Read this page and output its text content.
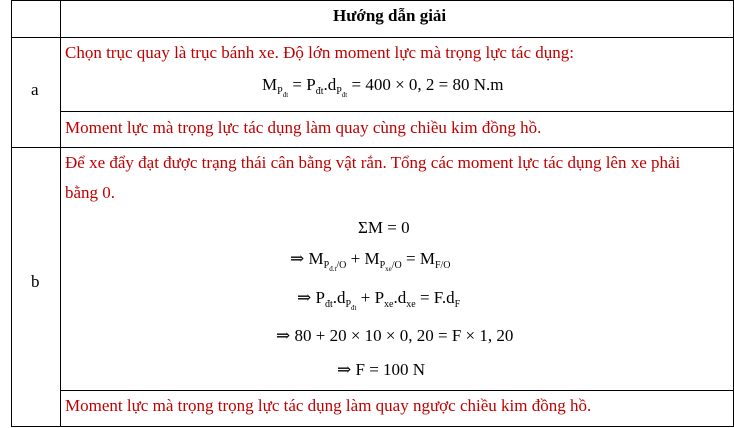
Hướng dẫn giải
a
Chọn trục quay là trục bánh xe. Độ lớn moment lực mà trọng lực tác dụng:
$M_{P_{đt}} = P_{đt}.d_{P_{đt}} = 400 \times 0$, 2 = 80 N.m
Moment lực mà trọng lực tác dụng làm quay cùng chiều kim đồng hồ.
b
Để xe đẩy đạt được trạng thái cân bằng vật rắn. Tổng các moment lực tác dụng lên xe phải
bằng 0.
ΣM = 0
⇒ $M_{P_{đ.t}/O} + M_{P_{xe}/O} = M_{F/O}$
⇒ $P_{đt}.d_{P_{đt}} + P_{xe}.d_{xe} = F.d_F$
⇒ 80 + 20 × 10 × 0, 20 = F × 1, 20
⇒ F = 100 N
Moment lực mà trọng trọng lực tác dụng làm quay ngược chiều kim đồng hồ.
